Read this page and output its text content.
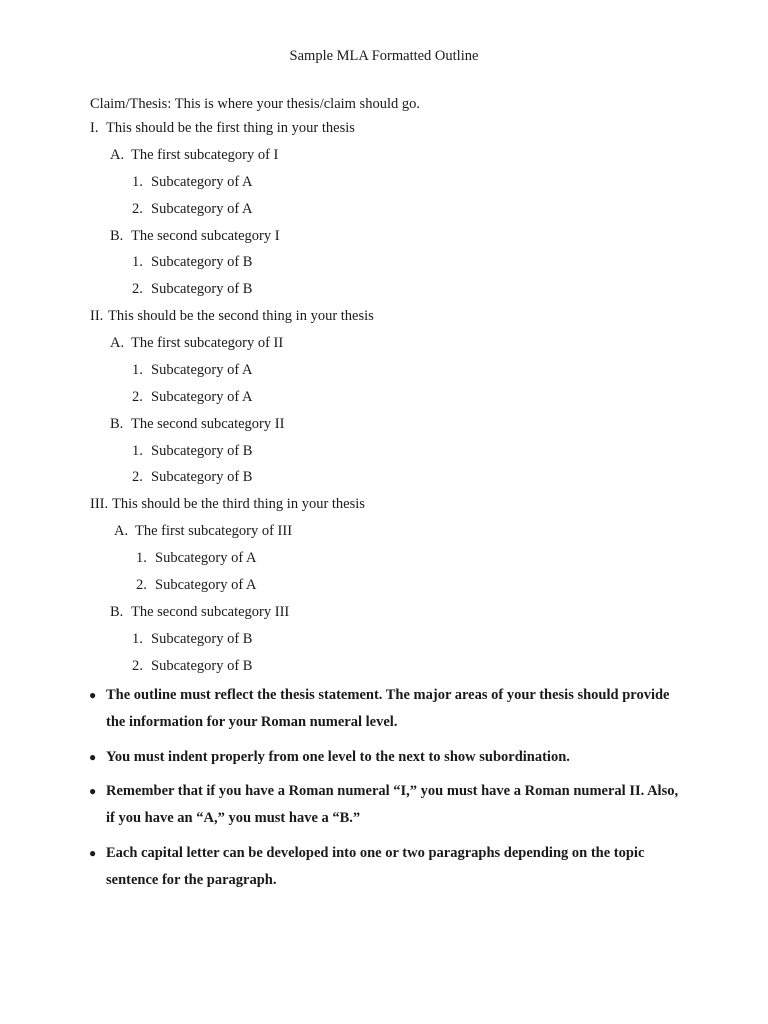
Sample MLA Formatted Outline
Claim/Thesis: This is where your thesis/claim should go.
I. This should be the first thing in your thesis
A. The first subcategory of I
1. Subcategory of A
2. Subcategory of A
B. The second subcategory I
1. Subcategory of B
2. Subcategory of B
II. This should be the second thing in your thesis
A. The first subcategory of II
1. Subcategory of A
2. Subcategory of A
B. The second subcategory II
1. Subcategory of B
2. Subcategory of B
III. This should be the third thing in your thesis
A. The first subcategory of III
1. Subcategory of A
2. Subcategory of A
B. The second subcategory III
1. Subcategory of B
2. Subcategory of B
● The outline must reflect the thesis statement. The major areas of your thesis should provide the information for your Roman numeral level.
● You must indent properly from one level to the next to show subordination.
● Remember that if you have a Roman numeral “I,” you must have a Roman numeral II. Also, if you have an “A,” you must have a “B.”
● Each capital letter can be developed into one or two paragraphs depending on the topic sentence for the paragraph.
